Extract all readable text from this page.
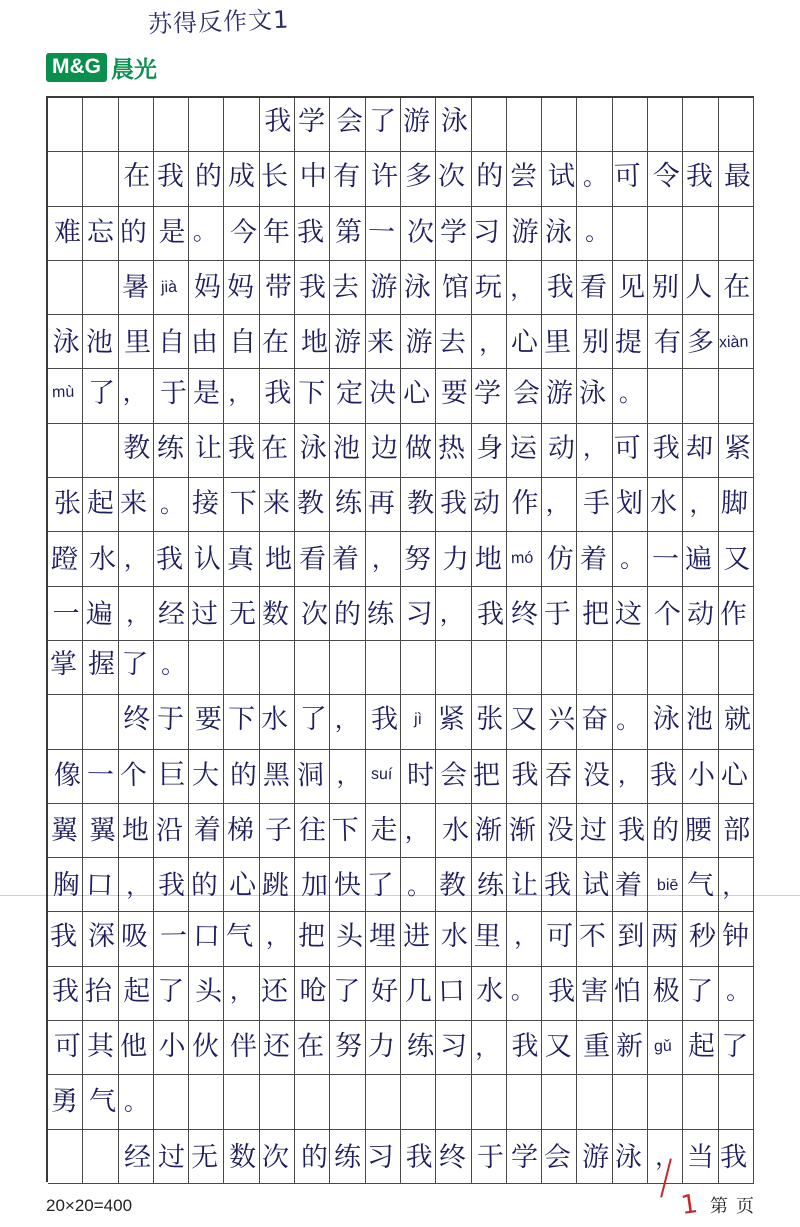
苏得反作文1
M&G 晨光
我 学 会 了 游 泳
在 我 的 成 长 中 有 许 多 次 的 尝 试 。 可 令 我 最
难 忘 的 是 。 今 年 我 第 一 次 学 习 游 泳 。
暑 jià 妈 妈 带 我 去 游 泳 馆 玩 ， 我 看 见 别 人 在
泳 池 里 自 由 自 在 地 游 来 游 去 ， 心 里 别 提 有 多 xiàn
mù 了 ， 于 是 ， 我 下 定 决 心 要 学 会 游 泳 。
教 练 让 我 在 泳 池 边 做 热 身 运 动 ， 可 我 却 紧
张 起 来 。 接 下 来 教 练 再 教 我 动 作 ， 手 划 水 ， 脚
蹬 水 ， 我 认 真 地 看 着 ， 努 力 地 mó 仿 着 。 一 遍 又
一 遍 ， 经 过 无 数 次 的 练 习 ， 我 终 于 把 这 个 动 作
掌 握 了 。
终 于 要 下 水 了 ， 我 jì 紧 张 又 兴 奋 。 泳 池 就
像 一 个 巨 大 的 黑 洞 ， suí 时 会 把 我 吞 没 ， 我 小 心
翼 翼 地 沿 着 梯 子 往 下 走 ， 水 渐 渐 没 过 我 的 腰 部
胸 口 ， 我 的 心 跳 加 快 了 。 教 练 让 我 试 着 biē 气 ，
我 深 吸 一 口 气 ， 把 头 埋 进 水 里 ， 可 不 到 两 秒 钟
我 抬 起 了 头 ， 还 呛 了 好 几 口 水 。 我 害 怕 极 了 。
可 其 他 小 伙 伴 还 在 努 力 练 习 ， 我 又 重 新 gǔ 起 了
勇 气 。
经 过 无 数 次 的 练 习 我 终 于 学 会 游 泳 ， 当 我
20×20=400	1 第 页
